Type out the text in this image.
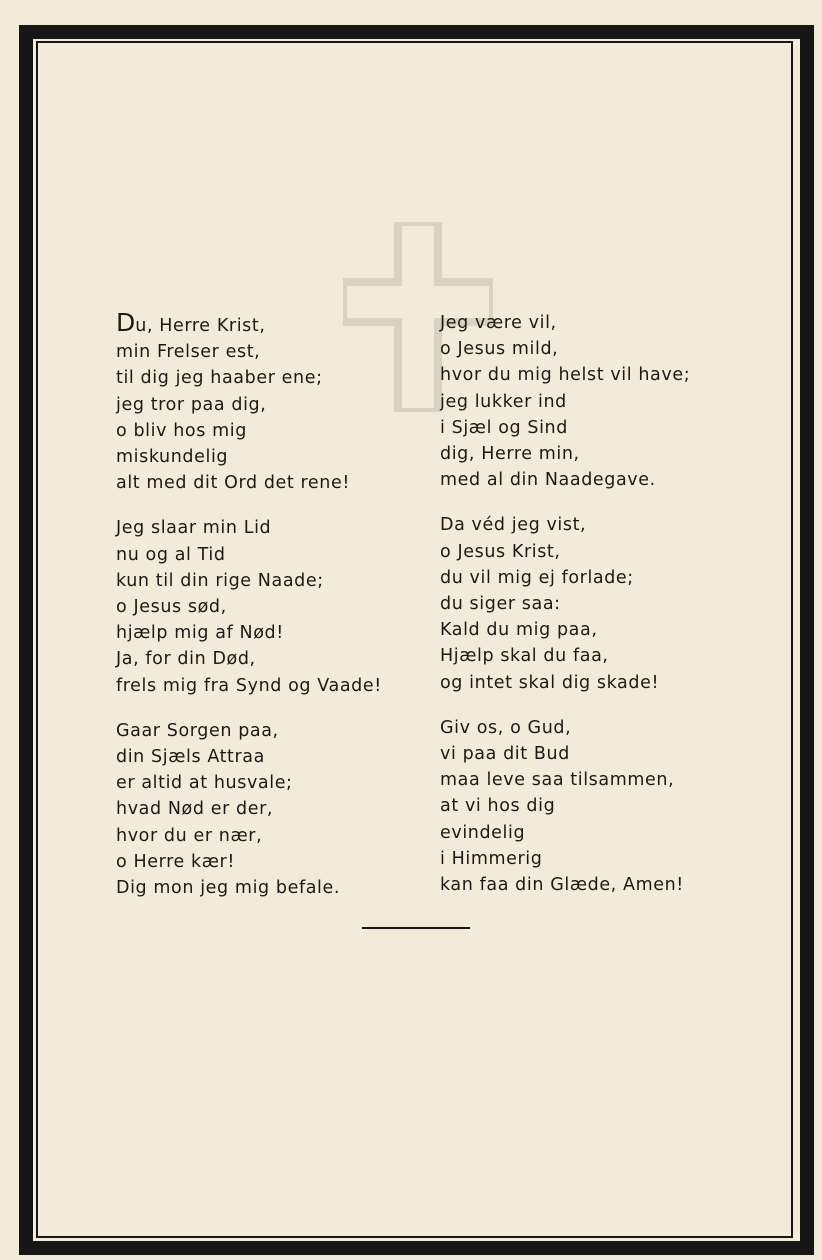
Du, Herre Krist,
min Frelser est,
til dig jeg haaber ene;
jeg tror paa dig,
o bliv hos mig
miskundelig
alt med dit Ord det rene!
Jeg slaar min Lid
nu og al Tid
kun til din rige Naade;
o Jesus sød,
hjælp mig af Nød!
Ja, for din Død,
frels mig fra Synd og Vaade!
Gaar Sorgen paa,
din Sjæls Attraa
er altid at husvale;
hvad Nød er der,
hvor du er nær,
o Herre kær!
Dig mon jeg mig befale.
Jeg være vil,
o Jesus mild,
hvor du mig helst vil have;
jeg lukker ind
i Sjæl og Sind
dig, Herre min,
med al din Naadegave.
Da véd jeg vist,
o Jesus Krist,
du vil mig ej forlade;
du siger saa:
Kald du mig paa,
Hjælp skal du faa,
og intet skal dig skade!
Giv os, o Gud,
vi paa dit Bud
maa leve saa tilsammen,
at vi hos dig
evindelig
i Himmerig
kan faa din Glæde, Amen!
